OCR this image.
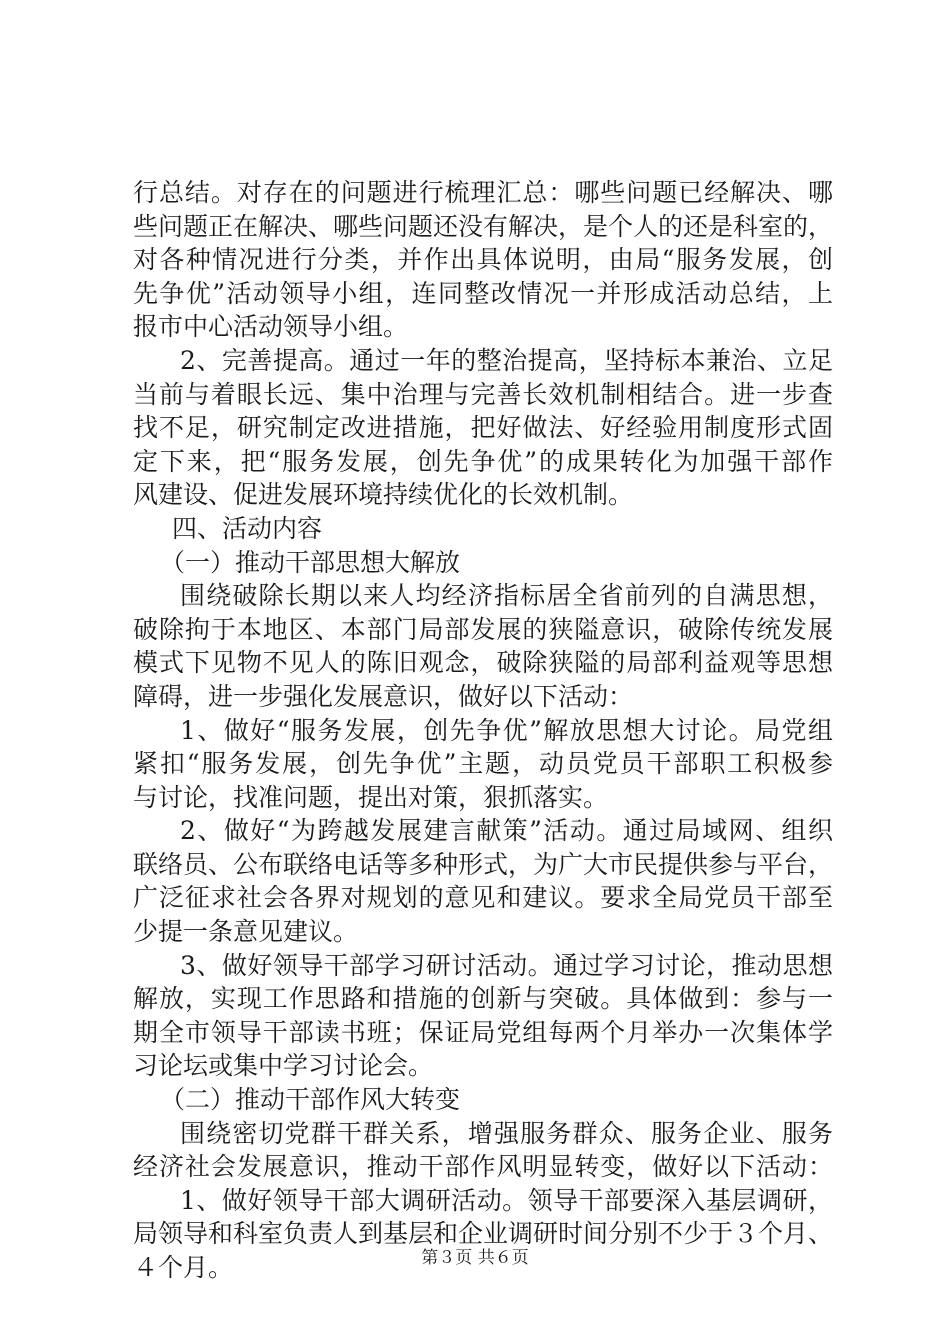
行总结。对存在的问题进行梳理汇总：哪些问题已经解决、哪
些问题正在解决、哪些问题还没有解决，是个人的还是科室的，
对各种情况进行分类，并作出具体说明，由局“服务发展，创
先争优”活动领导小组，连同整改情况一并形成活动总结，上
报市中心活动领导小组。
2、完善提高。通过一年的整治提高，坚持标本兼治、立足
当前与着眼长远、集中治理与完善长效机制相结合。进一步查
找不足，研究制定改进措施，把好做法、好经验用制度形式固
定下来，把“服务发展，创先争优”的成果转化为加强干部作
风建设、促进发展环境持续优化的长效机制。
四、活动内容
（一）推动干部思想大解放
围绕破除长期以来人均经济指标居全省前列的自满思想，
破除拘于本地区、本部门局部发展的狭隘意识，破除传统发展
模式下见物不见人的陈旧观念，破除狭隘的局部利益观等思想
障碍，进一步强化发展意识，做好以下活动：
1、做好“服务发展，创先争优”解放思想大讨论。局党组
紧扣“服务发展，创先争优”主题，动员党员干部职工积极参
与讨论，找准问题，提出对策，狠抓落实。
2、做好“为跨越发展建言献策”活动。通过局域网、组织
联络员、公布联络电话等多种形式，为广大市民提供参与平台，
广泛征求社会各界对规划的意见和建议。要求全局党员干部至
少提一条意见建议。
3、做好领导干部学习研讨活动。通过学习讨论，推动思想
解放，实现工作思路和措施的创新与突破。具体做到：参与一
期全市领导干部读书班；保证局党组每两个月举办一次集体学
习论坛或集中学习讨论会。
（二）推动干部作风大转变
围绕密切党群干群关系，增强服务群众、服务企业、服务
经济社会发展意识，推动干部作风明显转变，做好以下活动：
1、做好领导干部大调研活动。领导干部要深入基层调研，
局领导和科室负责人到基层和企业调研时间分别不少于３个月、
４个月。	第３页 共６页
